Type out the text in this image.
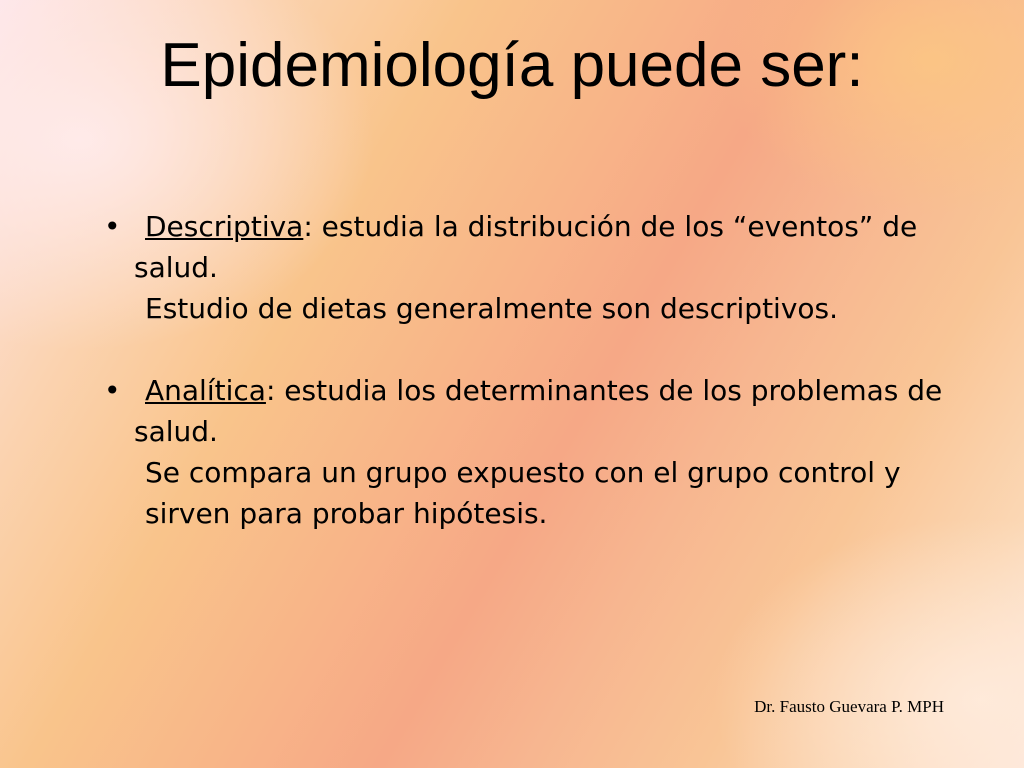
Epidemiología puede ser:
• Descriptiva: estudia la distribución de los “eventos” de salud.
Estudio de dietas generalmente son descriptivos.
• Analítica: estudia los determinantes de los problemas de salud.
Se compara un grupo expuesto con el grupo control y sirven para probar hipótesis.
Dr. Fausto Guevara P. MPH
